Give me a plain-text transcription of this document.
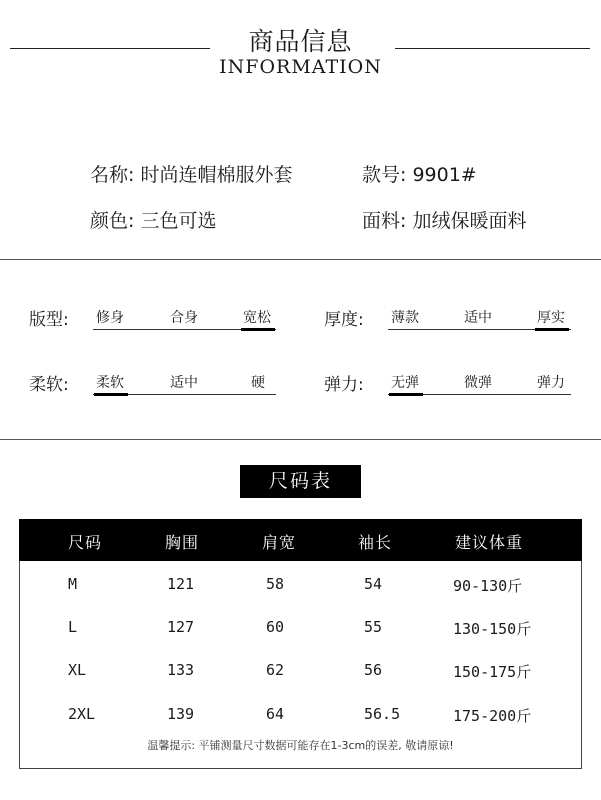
商品信息
INFORMATION
名称: 时尚连帽棉服外套	款号: 9901#
颜色: 三色可选	面料: 加绒保暖面料
版型: 修身	合身	宽松	厚度: 薄款	适中	厚实
柔软: 柔软	适中	硬	弹力: 无弹	微弹	弹力
尺码表
尺码	胸围	肩宽	袖长	建议体重
M	121	58	54	90-130斤
L	127	60	55	130-150斤
XL	133	62	56	150-175斤
2XL	139	64	56.5	175-200斤
温馨提示: 平铺测量尺寸数据可能存在1-3cm的误差, 敬请原谅!
